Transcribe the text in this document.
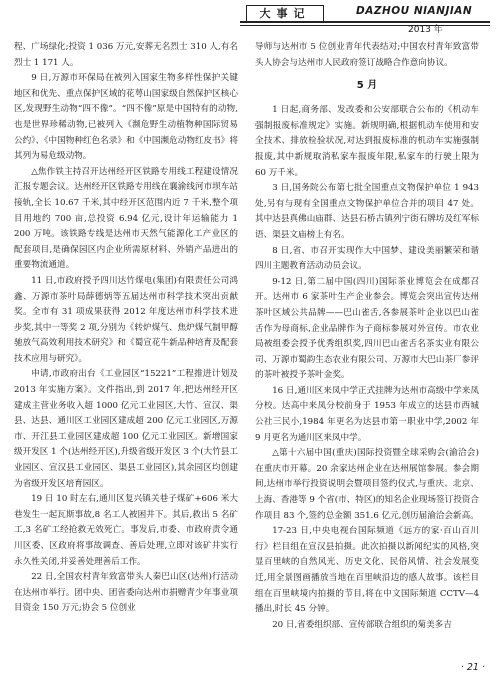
大事记	DAZHOU NIANJIAN
2013 年

程、广场绿化;投资 1 036 万元,安葬无名烈士 310 人,有名烈士 1 171 人。

9 日,万源市环保局在被列入国家生物多样性保护关键地区和优先、重点保护区域的花萼山国家级自然保护区核心区,发现野生动物“四不像”。“四不像”原是中国特有的动物,也是世界珍稀动物,已被列入《濒危野生动植物种国际贸易公约》、《中国物种红色名录》和《中国濒危动物红皮书》将其列为易危级动物。

△焦作铁主持召开达州经开区铁路专用线工程建设情况汇报专题会议。达州经开区铁路专用线在襄渝线河市坝车站接轨,全长 10.67 千米,其中经开区范围内近 7 千米,整个项目用地约 700 亩,总投资 6.94 亿元,设计年运输能力 1 200 万吨。该铁路专线是达州市天然气能源化工产业区的配套项目,是确保园区内企业所需原材料、外销产品进出的重要物流通道。

11 日,市政府授予四川达竹煤电(集团)有限责任公司鸿鑫、万源市茶叶局薛德炳等五届达州市科学技术突出贡献奖。全市有 31 项成果获得 2012 年度达州市科学技术进步奖,其中一等奖 2 项,分别为《转炉煤气、焦炉煤气制甲醇驰放气高效利用技术研究》和《蜀宣花牛新品种培育及配套技术应用与研究》。

申请,市政府出台《工业园区“15221”工程推进计划及 2013 年实施方案》。文件指出,到 2017 年,把达州经开区建成主营业务收入超 1000 亿元工业园区,大竹、宣汉、渠县、达县、通川区工业园区建成超 200 亿元工业园区,万源市、开江县工业园区建成超 100 亿元工业园区。新增国家级开发区 1 个(达州经开区),升级省级开发区 3 个(大竹县工业园区、宣汉县工业园区、渠县工业园区),其余园区均创建为省级开发区培育园区。

19 日 10 时左右,通川区复兴镇关巷子煤矿+606 米大巷发生一起瓦斯事故,8 名工人被困井下。其后,救出 5 名矿工,3 名矿工经抢救无效死亡。事发后,市委、市政府责令通川区委、区政府将事故调查、善后处理,立即对该矿井实行永久性关闭,并妥善处理善后工作。

22 日,全国农村青年致富带头人秦巴山区(达州)行活动在达州市举行。团中央、团省委向达州市捐赠青少年事业项目资金 150 万元;协会 5 位创业

导师与达州市 5 位创业青年代表结对;中国农村青年致富带头人协会与达州市人民政府签订战略合作意向协议。

5 月

1 日起,商务部、发改委和公安部联合公布的《机动车强制报废标准规定》实施。新规明确,根据机动车使用和安全技术、排放检验状况,对达到报废标准的机动车实施强制报废,其中新规取消私家车报废年限,私家车的行驶上限为 60 万千米。

3 日,国务院公布第七批全国重点文物保护单位 1 943 处,另有与现有全国重点文物保护单位合并的项目 47 处。其中达县真佛山庙群、达县石桥古镇列宁街石牌坊及红军标语、渠县文庙榜上有名。

8 日,省、市召开实现作大中国梦、建设美丽繁荣和谐四川主题教育活动动员会议。

9-12 日,第二届中国(四川)国际茶业博览会在成都召开。达州市 6 家茶叶生产企业参会。博览会突出宣传达州茶叶区域公共品牌——巴山雀舌,各参展茶叶企业以巴山雀舌作为母商标,企业品牌作为子商标参展对外宣传。市农业局被组委会授予优秀组织奖,四川巴山雀舌名茶实业有限公司、万源市蜀韵生态农业有限公司、万源市大巴山茶厂参评的茶叶被授予茶叶金奖。

16 日,通川区来凤中学正式挂牌为达州市高级中学来凤分校。达高中来凤分校前身于 1953 年成立的达县市西城公社三民小,1984 年更名为达县市第一职业中学,2002 年 9 月更名为通川区来凤中学。

△第十六届中国(重庆)国际投资暨全球采购会(渝洽会)在重庆市开幕。20 余家达州企业在达州展馆参展。参会期间,达州市举行投资说明会暨项目签约仪式,与重庆、北京、上海、香港等 9 个省(市、特区)的知名企业现场签订投资合作项目 83 个,签约总金额 351.6 亿元,创历届渝洽会新高。

17-23 日,中央电视台国际频道《远方的家·百山百川行》栏目组在宣汉县拍摄。此次拍摄以新闻纪实的风格,突显百里峡的自然风光、历史文化、民俗风情、社会发展变迁,用全景图画播放当地在百里峡沿边的感人故事。该栏目组在百里峡境内拍摄的节目,将在中文国际频道 CCTV—4 播出,时长 45 分钟。

20 日,省委组织部、宣传部联合组织的菊美多吉

· 21 ·
